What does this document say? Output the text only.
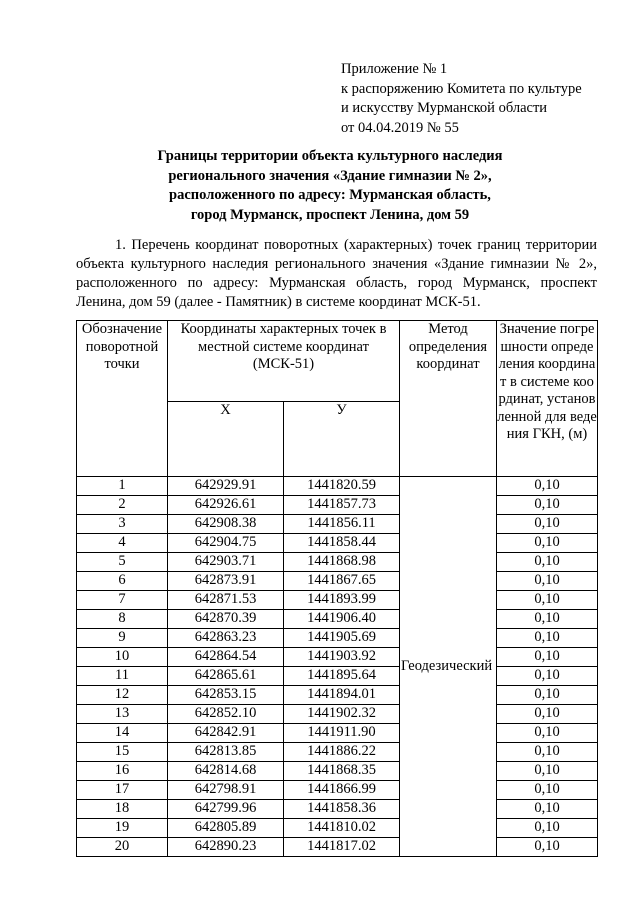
Приложение № 1
к распоряжению Комитета по культуре
и искусству Мурманской области
от 04.04.2019 № 55
Границы территории объекта культурного наследия
регионального значения «Здание гимназии № 2»,
расположенного по адресу: Мурманская область,
город Мурманск, проспект Ленина, дом 59
1. Перечень координат поворотных (характерных) точек границ территории объекта культурного наследия регионального значения «Здание гимназии № 2», расположенного по адресу: Мурманская область, город Мурманск, проспект Ленина, дом 59 (далее - Памятник) в системе координат МСК-51.
Обозначение поворотной точки	Координаты характерных точек в местной системе координат (МСК-51)		Метод определения координат	Значение погрешности определения координат в системе координат, установленной для ведения ГКН, (м)
	X	У		
1	642929.91	1441820.59	Геодезический	0,10
2	642926.61	1441857.73		0,10
3	642908.38	1441856.11		0,10
4	642904.75	1441858.44		0,10
5	642903.71	1441868.98		0,10
6	642873.91	1441867.65		0,10
7	642871.53	1441893.99		0,10
8	642870.39	1441906.40		0,10
9	642863.23	1441905.69		0,10
10	642864.54	1441903.92		0,10
11	642865.61	1441895.64		0,10
12	642853.15	1441894.01		0,10
13	642852.10	1441902.32		0,10
14	642842.91	1441911.90		0,10
15	642813.85	1441886.22		0,10
16	642814.68	1441868.35		0,10
17	642798.91	1441866.99		0,10
18	642799.96	1441858.36		0,10
19	642805.89	1441810.02		0,10
20	642890.23	1441817.02		0,10
